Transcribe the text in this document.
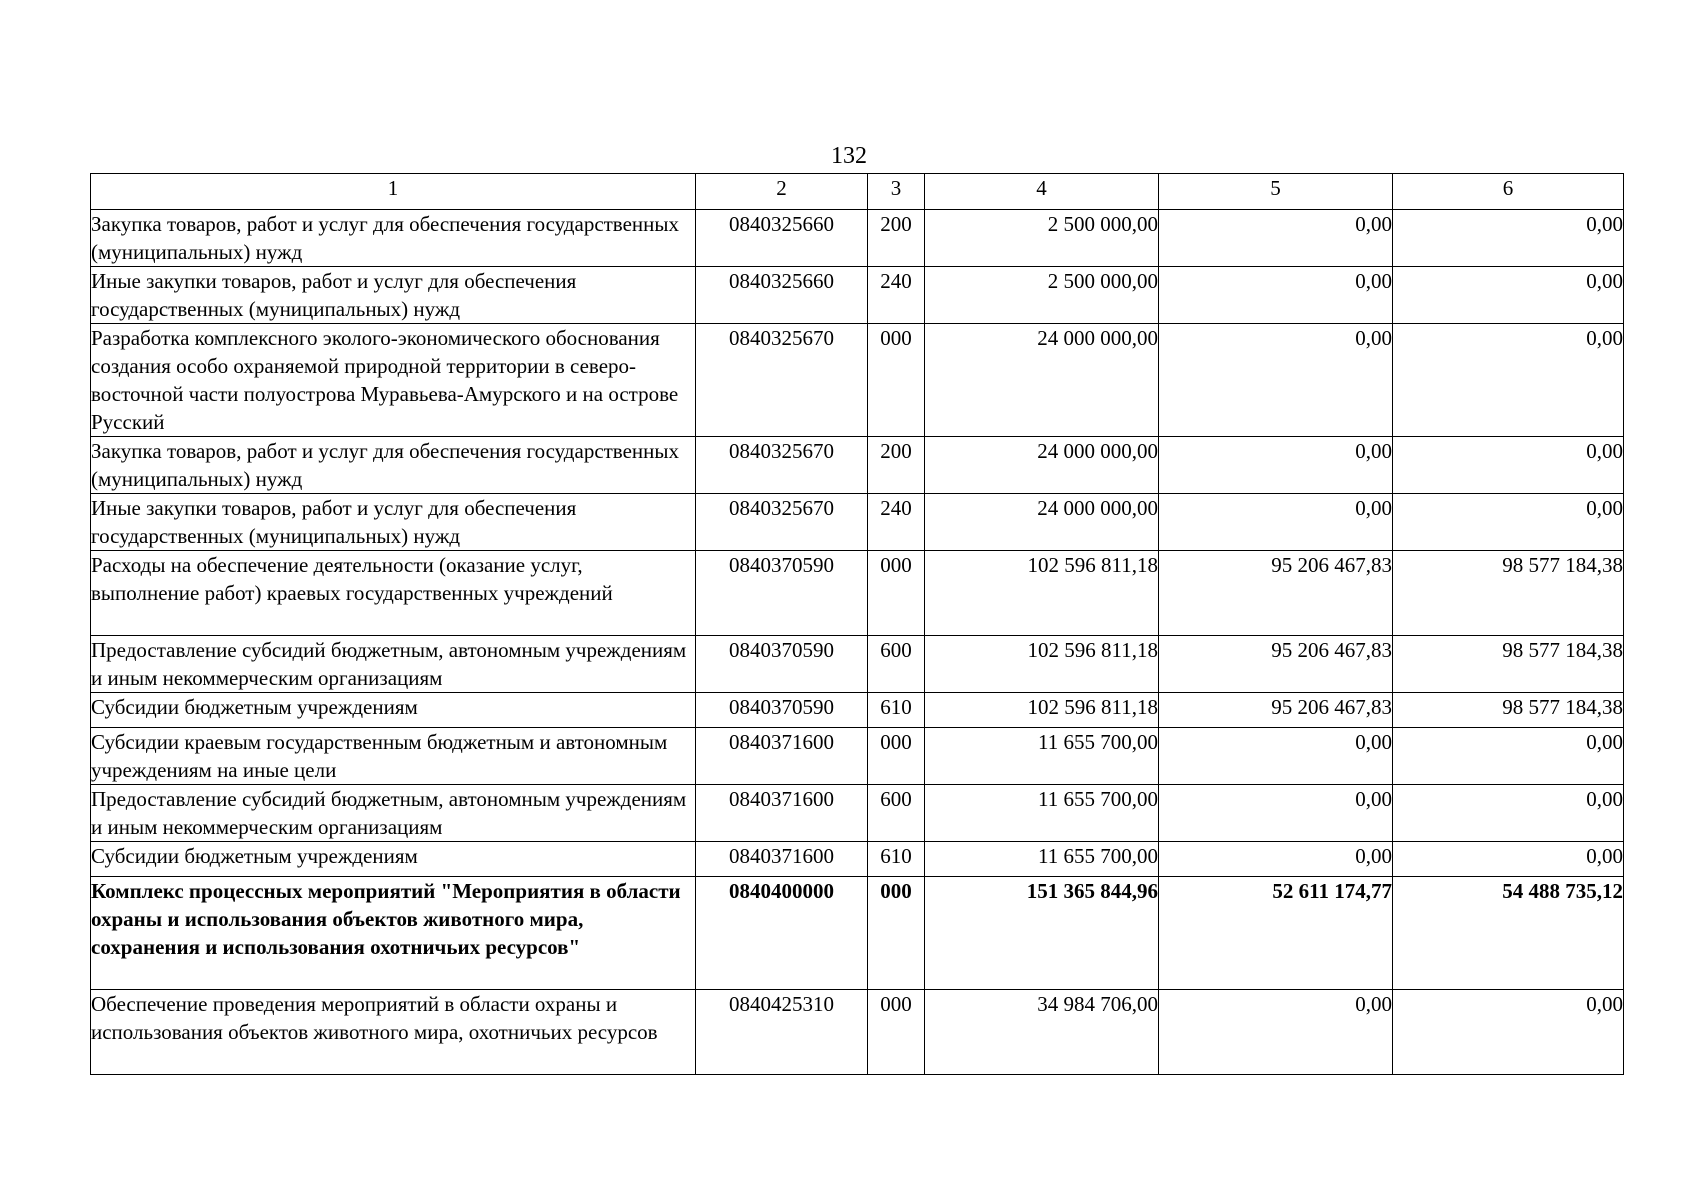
132
1	2	3	4	5	6
Закупка товаров, работ и услуг для обеспечения государственных (муниципальных) нужд	0840325660	200	2 500 000,00	0,00	0,00
Иные закупки товаров, работ и услуг для обеспечения государственных (муниципальных) нужд	0840325660	240	2 500 000,00	0,00	0,00
Разработка комплексного эколого-экономического обоснования создания особо охраняемой природной территории в северо-восточной части полуострова Муравьева-Амурского и на острове Русский	0840325670	000	24 000 000,00	0,00	0,00
Закупка товаров, работ и услуг для обеспечения государственных (муниципальных) нужд	0840325670	200	24 000 000,00	0,00	0,00
Иные закупки товаров, работ и услуг для обеспечения государственных (муниципальных) нужд	0840325670	240	24 000 000,00	0,00	0,00
Расходы на обеспечение деятельности (оказание услуг, выполнение работ) краевых государственных учреждений	0840370590	000	102 596 811,18	95 206 467,83	98 577 184,38
Предоставление субсидий бюджетным, автономным учреждениям и иным некоммерческим организациям	0840370590	600	102 596 811,18	95 206 467,83	98 577 184,38
Субсидии бюджетным учреждениям	0840370590	610	102 596 811,18	95 206 467,83	98 577 184,38
Субсидии краевым государственным бюджетным и автономным учреждениям на иные цели	0840371600	000	11 655 700,00	0,00	0,00
Предоставление субсидий бюджетным, автономным учреждениям и иным некоммерческим организациям	0840371600	600	11 655 700,00	0,00	0,00
Субсидии бюджетным учреждениям	0840371600	610	11 655 700,00	0,00	0,00
Комплекс процессных мероприятий "Мероприятия в области охраны и использования объектов животного мира, сохранения и использования охотничьих ресурсов"	0840400000	000	151 365 844,96	52 611 174,77	54 488 735,12
Обеспечение проведения мероприятий в области охраны и использования объектов животного мира, охотничьих ресурсов	0840425310	000	34 984 706,00	0,00	0,00
